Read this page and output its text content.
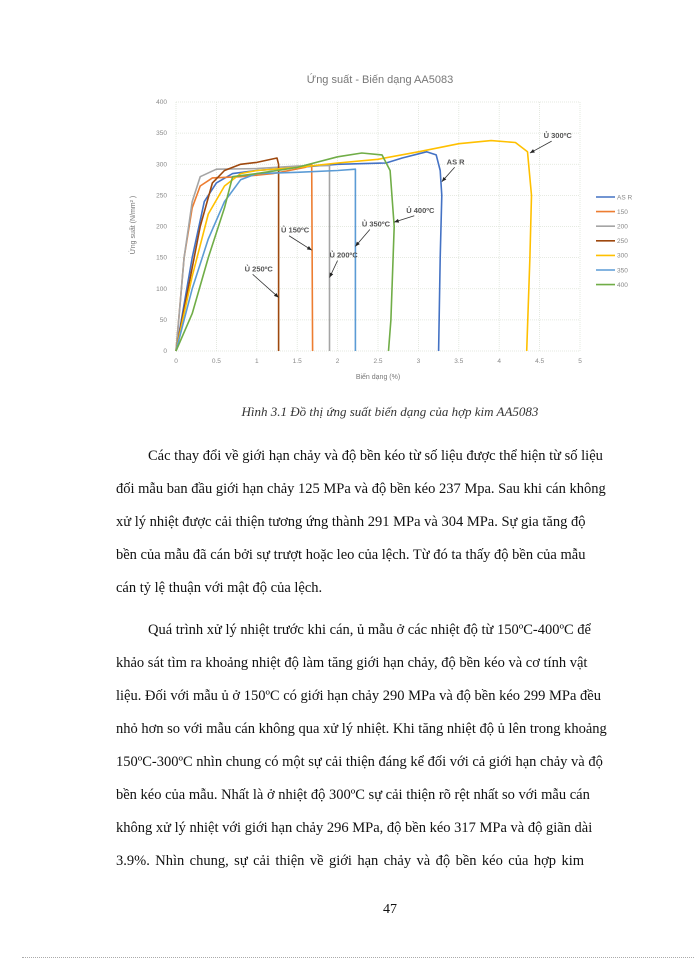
Ứng suất - Biến dạng AA5083
0	0.5	1	1.5	2	2.5	3	3.5	4	4.5	5
0
50
100
150
200
250
300
350
400
Ủ 300ºC
AS R
Ủ 400ºC
Ủ 350ºC
Ủ 150ºC
Ủ 200ºC
Ủ 250ºC
AS R
150
200
250
300
350
400
Biến dạng (%)
Ứng suất (N/mm² )
Hình 3.1 Đồ thị ứng suất biến dạng của hợp kim AA5083
Các thay đổi về giới hạn chảy và độ bền kéo từ số liệu được thể hiện từ số liệu
đối mẫu ban đầu giới hạn chảy 125 MPa và độ bền kéo 237 Mpa. Sau khi cán không
xử lý nhiệt được cải thiện tương ứng thành 291 MPa và 304 MPa. Sự gia tăng độ
bền của mẫu đã cán bởi sự trượt hoặc leo của lệch. Từ đó ta thấy độ bền của mẫu
cán tỷ lệ thuận với mật độ của lệch.
Quá trình xử lý nhiệt trước khi cán, ủ mẫu ở các nhiệt độ từ 150ºC-400ºC để
khảo sát tìm ra khoảng nhiệt độ làm tăng giới hạn chảy, độ bền kéo và cơ tính vật
liệu. Đối với mẫu ủ ở 150ºC có giới hạn chảy 290 MPa và độ bền kéo 299 MPa đều
nhỏ hơn so với mẫu cán không qua xử lý nhiệt. Khi tăng nhiệt độ ủ lên trong khoảng
150ºC-300ºC nhìn chung có một sự cải thiện đáng kể đối với cả giới hạn chảy và độ
bền kéo của mẫu. Nhất là ở nhiệt độ 300ºC sự cải thiện rõ rệt nhất so với mẫu cán
không xử lý nhiệt với giới hạn chảy 296 MPa, độ bền kéo 317 MPa và độ giãn dài
3.9%. Nhìn chung, sự cải thiện về giới hạn chảy và độ bền kéo của hợp kim
47
